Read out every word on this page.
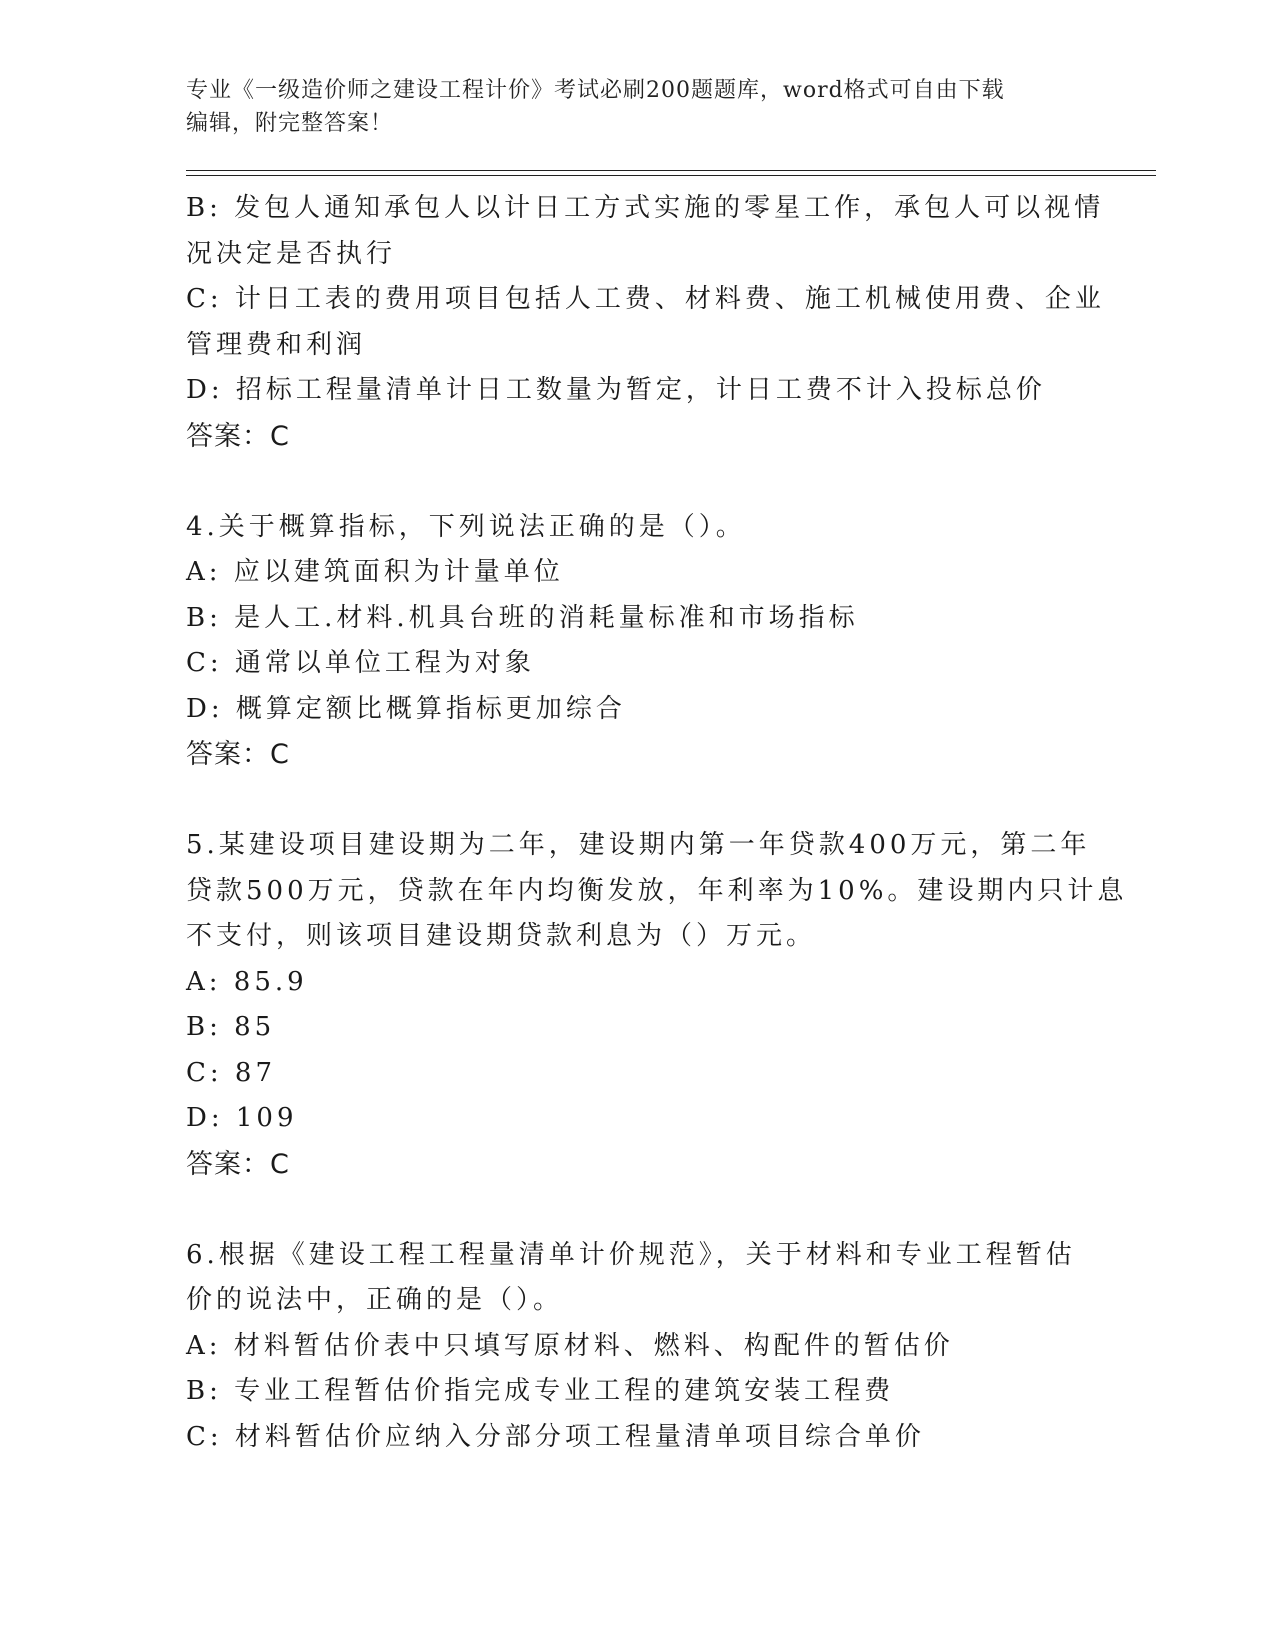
专业《一级造价师之建设工程计价》考试必刷200题题库，word格式可自由下载
编辑，附完整答案！
B: 发包人通知承包人以计日工方式实施的零星工作，承包人可以视情
况决定是否执行
C: 计日工表的费用项目包括人工费、材料费、施工机械使用费、企业
管理费和利润
D: 招标工程量清单计日工数量为暂定，计日工费不计入投标总价
答案：C
4.关于概算指标，下列说法正确的是（）。
A: 应以建筑面积为计量单位
B: 是人工.材料.机具台班的消耗量标准和市场指标
C: 通常以单位工程为对象
D: 概算定额比概算指标更加综合
答案：C
5.某建设项目建设期为二年，建设期内第一年贷款400万元，第二年
贷款500万元，贷款在年内均衡发放，年利率为10%。建设期内只计息
不支付，则该项目建设期贷款利息为（）万元。
A: 85.9
B: 85
C: 87
D: 109
答案：C
6.根据《建设工程工程量清单计价规范》，关于材料和专业工程暂估
价的说法中，正确的是（）。
A: 材料暂估价表中只填写原材料、燃料、构配件的暂估价
B: 专业工程暂估价指完成专业工程的建筑安装工程费
C: 材料暂估价应纳入分部分项工程量清单项目综合单价
